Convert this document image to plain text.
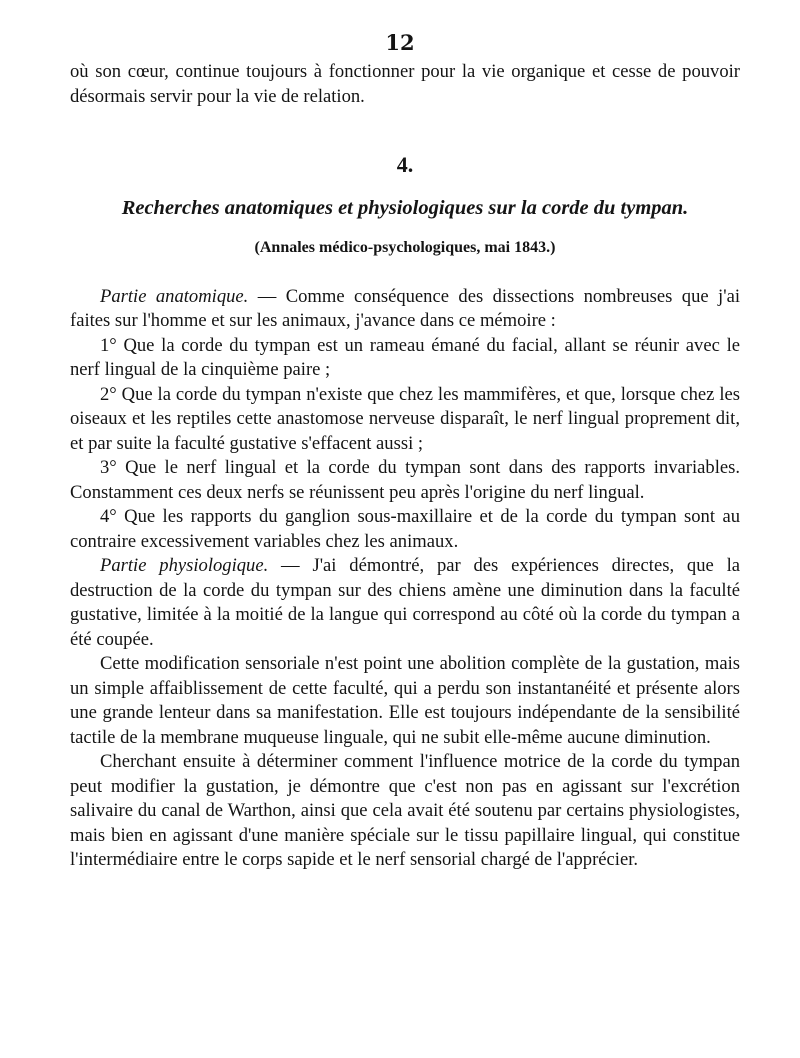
12

où son cœur, continue toujours à fonctionner pour la vie organique et cesse de pouvoir désormais servir pour la vie de relation.

4.
Recherches anatomiques et physiologiques sur la corde du tympan.
(Annales médico-psychologiques, mai 1843.)

Partie anatomique. — Comme conséquence des dissections nombreuses que j'ai faites sur l'homme et sur les animaux, j'avance dans ce mémoire :

1° Que la corde du tympan est un rameau émané du facial, allant se réunir avec le nerf lingual de la cinquième paire ;

2° Que la corde du tympan n'existe que chez les mammifères, et que, lorsque chez les oiseaux et les reptiles cette anastomose nerveuse disparaît, le nerf lingual proprement dit, et par suite la faculté gustative s'effacent aussi ;

3° Que le nerf lingual et la corde du tympan sont dans des rapports invariables. Constamment ces deux nerfs se réunissent peu après l'origine du nerf lingual.

4° Que les rapports du ganglion sous-maxillaire et de la corde du tympan sont au contraire excessivement variables chez les animaux.

Partie physiologique. — J'ai démontré, par des expériences directes, que la destruction de la corde du tympan sur des chiens amène une diminution dans la faculté gustative, limitée à la moitié de la langue qui correspond au côté où la corde du tympan a été coupée.

Cette modification sensoriale n'est point une abolition complète de la gustation, mais un simple affaiblissement de cette faculté, qui a perdu son instantanéité et présente alors une grande lenteur dans sa manifestation. Elle est toujours indépendante de la sensibilité tactile de la membrane muqueuse linguale, qui ne subit elle-même aucune diminution.

Cherchant ensuite à déterminer comment l'influence motrice de la corde du tympan peut modifier la gustation, je démontre que c'est non pas en agissant sur l'excrétion salivaire du canal de Warthon, ainsi que cela avait été soutenu par certains physiologistes, mais bien en agissant d'une manière spéciale sur le tissu papillaire lingual, qui constitue l'intermédiaire entre le corps sapide et le nerf sensorial chargé de l'apprécier.
